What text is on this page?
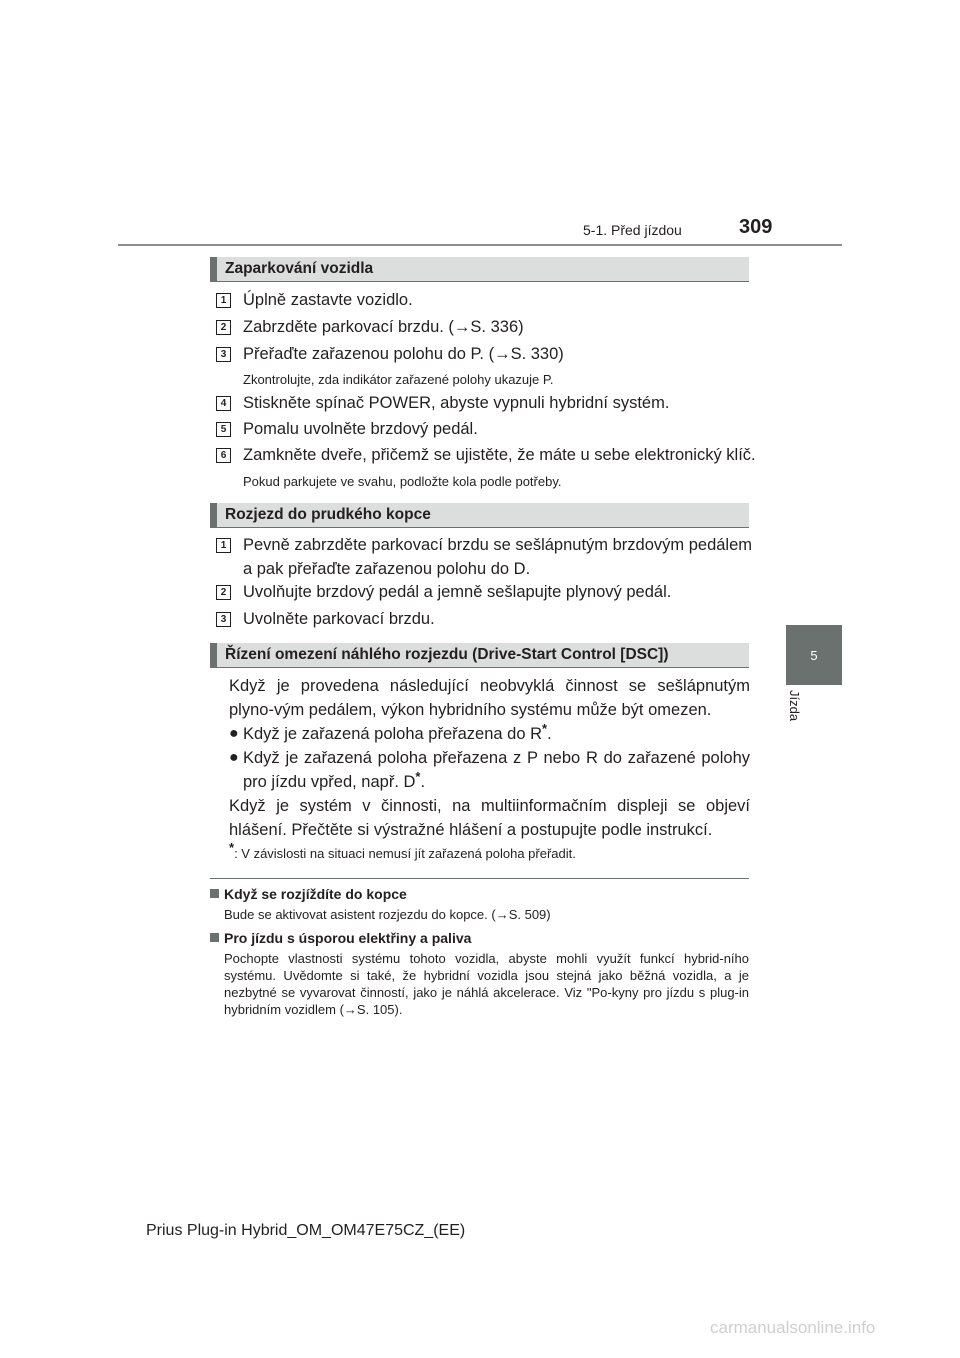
5-1. Před jízdou	309
5
Jízda
Zaparkování vozidla
1 Úplně zastavte vozidlo.
2 Zabrzděte parkovací brzdu. (→S. 336)
3 Přeřaďte zařazenou polohu do P. (→S. 330)
Zkontrolujte, zda indikátor zařazené polohy ukazuje P.
4 Stiskněte spínač POWER, abyste vypnuli hybridní systém.
5 Pomalu uvolněte brzdový pedál.
6 Zamkněte dveře, přičemž se ujistěte, že máte u sebe elektronický klíč.
Pokud parkujete ve svahu, podložte kola podle potřeby.
Rozjezd do prudkého kopce
1 Pevně zabrzděte parkovací brzdu se sešlápnutým brzdovým pedálem
a pak přeřaďte zařazenou polohu do D.
2 Uvolňujte brzdový pedál a jemně sešlapujte plynový pedál.
3 Uvolněte parkovací brzdu.
Řízení omezení náhlého rozjezdu (Drive-Start Control [DSC])
Když je provedena následující neobvyklá činnost se sešlápnutým plyno-vým pedálem, výkon hybridního systému může být omezen.
● Když je zařazená poloha přeřazena do R*.
● Když je zařazená poloha přeřazena z P nebo R do zařazené polohy pro jízdu vpřed, např. D*.
Když je systém v činnosti, na multiinformačním displeji se objeví hlášení. Přečtěte si výstražné hlášení a postupujte podle instrukcí.
*: V závislosti na situaci nemusí jít zařazená poloha přeřadit.
Když se rozjíždíte do kopce
Bude se aktivovat asistent rozjezdu do kopce. (→S. 509)
Pro jízdu s úsporou elektřiny a paliva
Pochopte vlastnosti systému tohoto vozidla, abyste mohli využít funkcí hybrid-ního systému. Uvědomte si také, že hybridní vozidla jsou stejná jako běžná vozidla, a je nezbytné se vyvarovat činností, jako je náhlá akcelerace. Viz "Po-kyny pro jízdu s plug-in hybridním vozidlem (→S. 105).
Prius Plug-in Hybrid_OM_OM47E75CZ_(EE)
carmanualsonline.info
